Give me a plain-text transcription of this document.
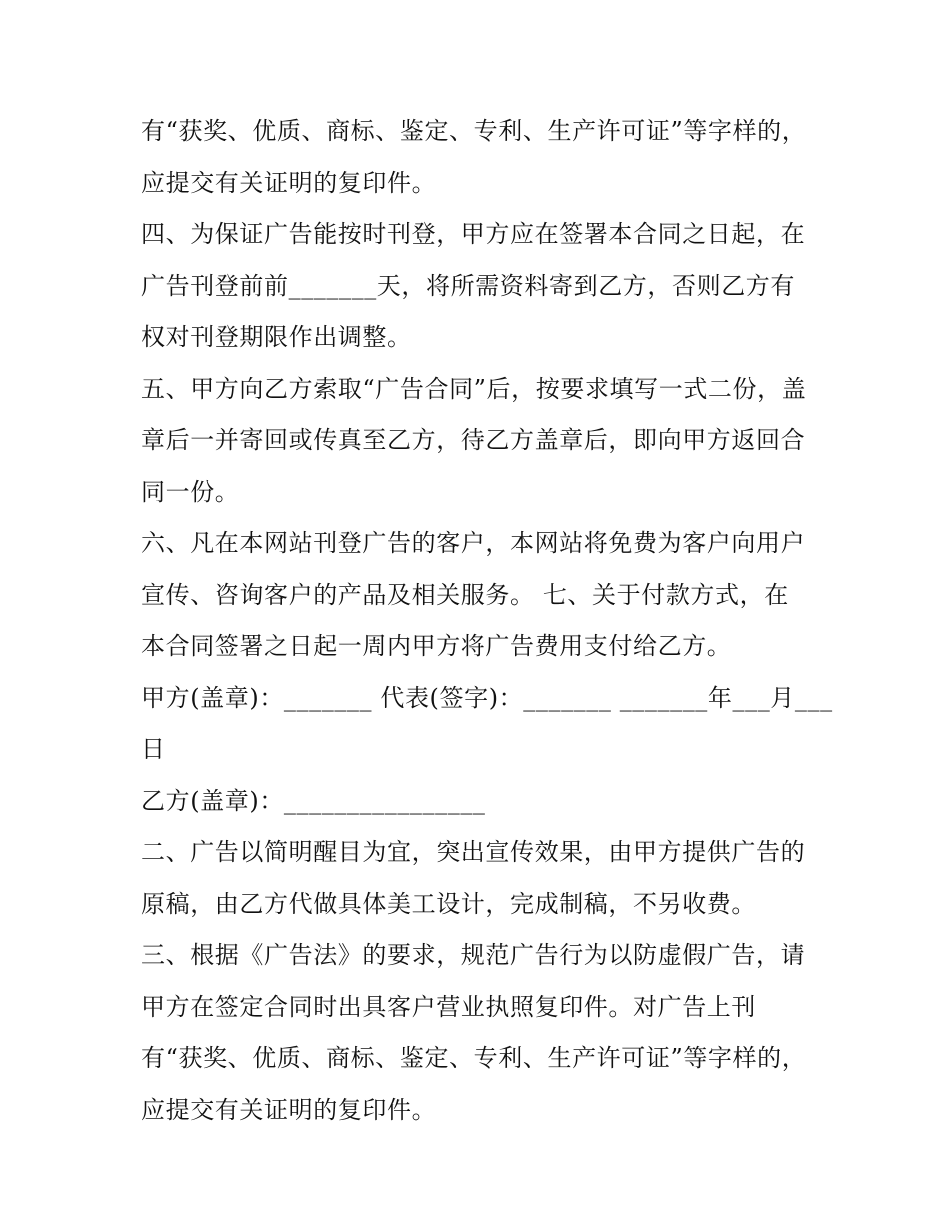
有“获奖、优质、商标、鉴定、专利、生产许可证”等字样的，
应提交有关证明的复印件。
四、为保证广告能按时刊登，甲方应在签署本合同之日起，在
广告刊登前前_______天，将所需资料寄到乙方，否则乙方有
权对刊登期限作出调整。
五、甲方向乙方索取“广告合同”后，按要求填写一式二份，盖
章后一并寄回或传真至乙方，待乙方盖章后，即向甲方返回合
同一份。
六、凡在本网站刊登广告的客户，本网站将免费为客户向用户
宣传、咨询客户的产品及相关服务。 七、关于付款方式，在
本合同签署之日起一周内甲方将广告费用支付给乙方。
甲方(盖章)：_______ 代表(签字)：_______ _______年___月___
日
乙方(盖章)：________________
二、广告以简明醒目为宜，突出宣传效果，由甲方提供广告的
原稿，由乙方代做具体美工设计，完成制稿，不另收费。
三、根据《广告法》的要求，规范广告行为以防虚假广告，请
甲方在签定合同时出具客户营业执照复印件。对广告上刊
有“获奖、优质、商标、鉴定、专利、生产许可证”等字样的，
应提交有关证明的复印件。
